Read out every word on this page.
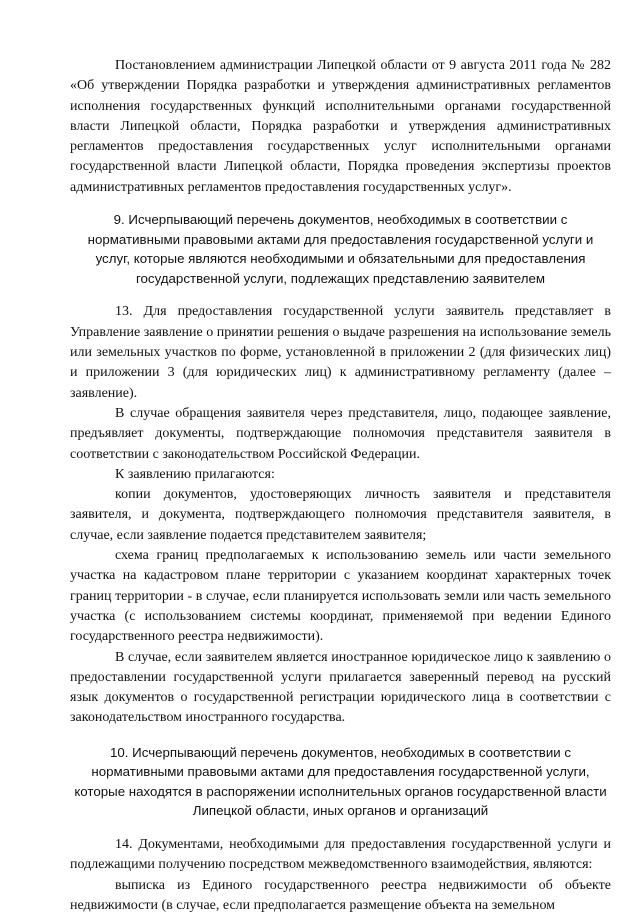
Постановлением администрации Липецкой области от 9 августа 2011 года № 282 «Об утверждении Порядка разработки и утверждения административных регламентов исполнения государственных функций исполнительными органами государственной власти Липецкой области, Порядка разработки и утверждения административных регламентов предоставления государственных услуг исполнительными органами государственной власти Липецкой области, Порядка проведения экспертизы проектов административных регламентов предоставления государственных услуг».

9. Исчерпывающий перечень документов, необходимых в соответствии с нормативными правовыми актами для предоставления государственной услуги и услуг, которые являются необходимыми и обязательными для предоставления государственной услуги, подлежащих представлению заявителем

13. Для предоставления государственной услуги заявитель представляет в Управление заявление о принятии решения о выдаче разрешения на использование земель или земельных участков по форме, установленной в приложении 2 (для физических лиц) и приложении 3 (для юридических лиц) к административному регламенту (далее – заявление).

В случае обращения заявителя через представителя, лицо, подающее заявление, предъявляет документы, подтверждающие полномочия представителя заявителя в соответствии с законодательством Российской Федерации.

К заявлению прилагаются:

копии документов, удостоверяющих личность заявителя и представителя заявителя, и документа, подтверждающего полномочия представителя заявителя, в случае, если заявление подается представителем заявителя;

схема границ предполагаемых к использованию земель или части земельного участка на кадастровом плане территории с указанием координат характерных точек границ территории - в случае, если планируется использовать земли или часть земельного участка (с использованием системы координат, применяемой при ведении Единого государственного реестра недвижимости).

В случае, если заявителем является иностранное юридическое лицо к заявлению о предоставлении государственной услуги прилагается заверенный перевод на русский язык документов о государственной регистрации юридического лица в соответствии с законодательством иностранного государства.

10. Исчерпывающий перечень документов, необходимых в соответствии с нормативными правовыми актами для предоставления государственной услуги, которые находятся в распоряжении исполнительных органов государственной власти Липецкой области, иных органов и организаций

14. Документами, необходимыми для предоставления государственной услуги и подлежащими получению посредством межведомственного взаимодействия, являются:

выписка из Единого государственного реестра недвижимости об объекте недвижимости (в случае, если предполагается размещение объекта на земельном
